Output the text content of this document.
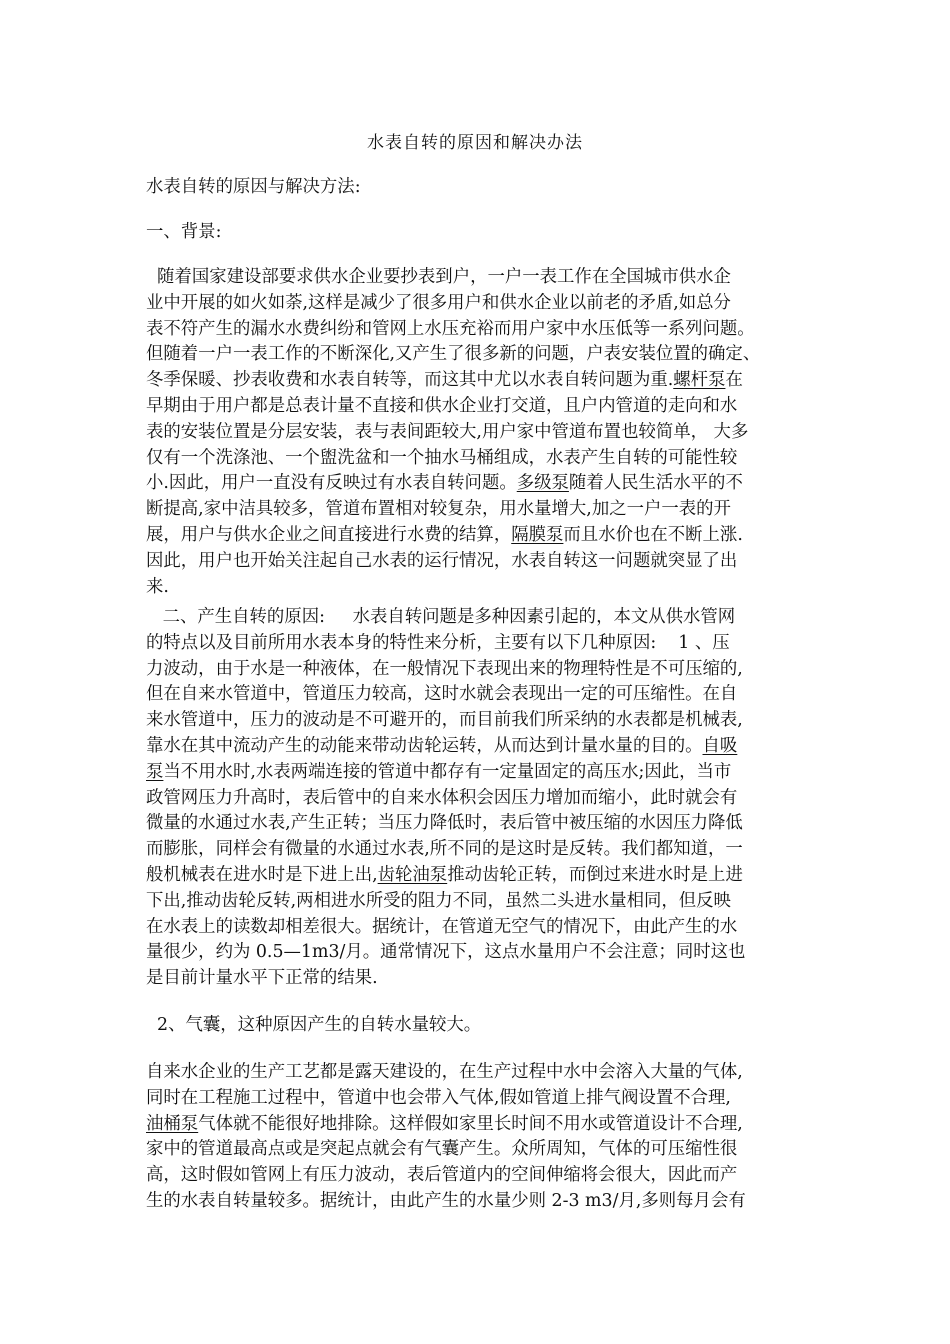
水表自转的原因和解决办法
水表自转的原因与解决方法:
一、背景:
随着国家建设部要求供水企业要抄表到户，一户一表工作在全国城市供水企
业中开展的如火如荼,这样是减少了很多用户和供水企业以前老的矛盾,如总分
表不符产生的漏水水费纠纷和管网上水压充裕而用户家中水压低等一系列问题。
但随着一户一表工作的不断深化,又产生了很多新的问题，户表安装位置的确定、
冬季保暖、抄表收费和水表自转等，而这其中尤以水表自转问题为重.螺杆泵在
早期由于用户都是总表计量不直接和供水企业打交道，且户内管道的走向和水
表的安装位置是分层安装，表与表间距较大,用户家中管道布置也较简单， 大多
仅有一个洗涤池、一个盥洗盆和一个抽水马桶组成，水表产生自转的可能性较
小.因此，用户一直没有反映过有水表自转问题。多级泵随着人民生活水平的不
断提高,家中洁具较多，管道布置相对较复杂，用水量增大,加之一户一表的开
展，用户与供水企业之间直接进行水费的结算，隔膜泵而且水价也在不断上涨.
因此，用户也开始关注起自己水表的运行情况，水表自转这一问题就突显了出
来.
二、产生自转的原因:     水表自转问题是多种因素引起的，本文从供水管网
的特点以及目前所用水表本身的特性来分析，主要有以下几种原因:    1 、压
力波动，由于水是一种液体，在一般情况下表现出来的物理特性是不可压缩的,
但在自来水管道中，管道压力较高，这时水就会表现出一定的可压缩性。在自
来水管道中，压力的波动是不可避开的，而目前我们所采纳的水表都是机械表,
靠水在其中流动产生的动能来带动齿轮运转，从而达到计量水量的目的。自吸
泵当不用水时,水表两端连接的管道中都存有一定量固定的高压水;因此，当市
政管网压力升高时，表后管中的自来水体积会因压力增加而缩小，此时就会有
微量的水通过水表,产生正转；当压力降低时，表后管中被压缩的水因压力降低
而膨胀，同样会有微量的水通过水表,所不同的是这时是反转。我们都知道，一
般机械表在进水时是下进上出,齿轮油泵推动齿轮正转，而倒过来进水时是上进
下出,推动齿轮反转,两相进水所受的阻力不同，虽然二头进水量相同，但反映
在水表上的读数却相差很大。据统计，在管道无空气的情况下，由此产生的水
量很少，约为 0.5—1m3/月。通常情况下，这点水量用户不会注意；同时这也
是目前计量水平下正常的结果.
2、气囊，这种原因产生的自转水量较大。
自来水企业的生产工艺都是露天建设的，在生产过程中水中会溶入大量的气体,
同时在工程施工过程中，管道中也会带入气体,假如管道上排气阀设置不合理,
油桶泵气体就不能很好地排除。这样假如家里长时间不用水或管道设计不合理,
家中的管道最高点或是突起点就会有气囊产生。众所周知，气体的可压缩性很
高，这时假如管网上有压力波动，表后管道内的空间伸缩将会很大，因此而产
生的水表自转量较多。据统计，由此产生的水量少则 2-3 m3/月,多则每月会有
